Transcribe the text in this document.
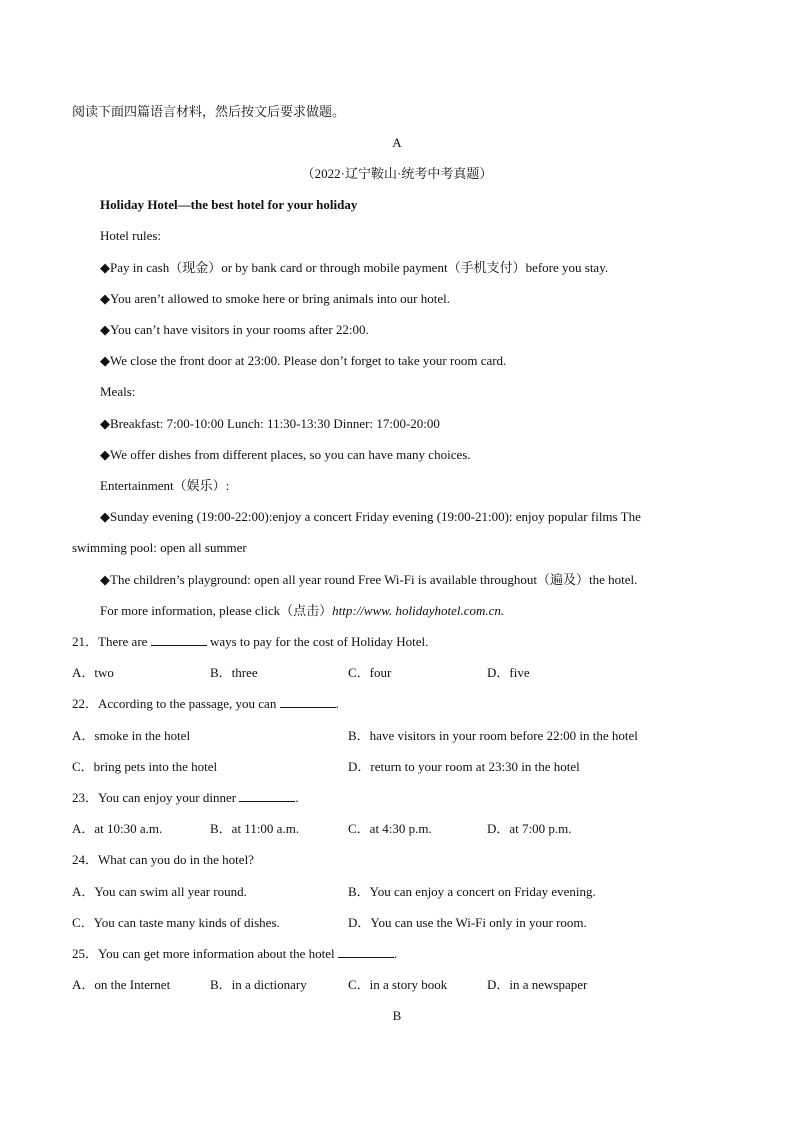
阅读下面四篇语言材料，然后按文后要求做题。
A
（2022·辽宁鞍山·统考中考真题）
Holiday Hotel—the best hotel for your holiday
Hotel rules:
◆Pay in cash（现金）or by bank card or through mobile payment（手机支付）before you stay.
◆You aren’t allowed to smoke here or bring animals into our hotel.
◆You can’t have visitors in your rooms after 22:00.
◆We close the front door at 23:00. Please don’t forget to take your room card.
Meals:
◆Breakfast: 7:00-10:00 Lunch: 11:30-13:30 Dinner: 17:00-20:00
◆We offer dishes from different places, so you can have many choices.
Entertainment（娱乐）:
◆Sunday evening (19:00-22:00):enjoy a concert Friday evening (19:00-21:00): enjoy popular films The
swimming pool: open all summer
◆The children’s playground: open all year round Free Wi-Fi is available throughout（遍及）the hotel.
For more information, please click（点击）http://www. holidayhotel.com.cn.
21．There are	ways to pay for the cost of Holiday Hotel.
A．two	B．three	C．four	D．five
22．According to the passage, you can	.
A．smoke in the hotel	B．have visitors in your room before 22:00 in the hotel
C．bring pets into the hotel	D．return to your room at 23:30 in the hotel
23．You can enjoy your dinner	.
A．at 10:30 a.m.	B．at 11:00 a.m.	C．at 4:30 p.m.	D．at 7:00 p.m.
24．What can you do in the hotel?
A．You can swim all year round.	B．You can enjoy a concert on Friday evening.
C．You can taste many kinds of dishes.	D．You can use the Wi-Fi only in your room.
25．You can get more information about the hotel	.
A．on the Internet	B．in a dictionary	C．in a story book	D．in a newspaper
B
